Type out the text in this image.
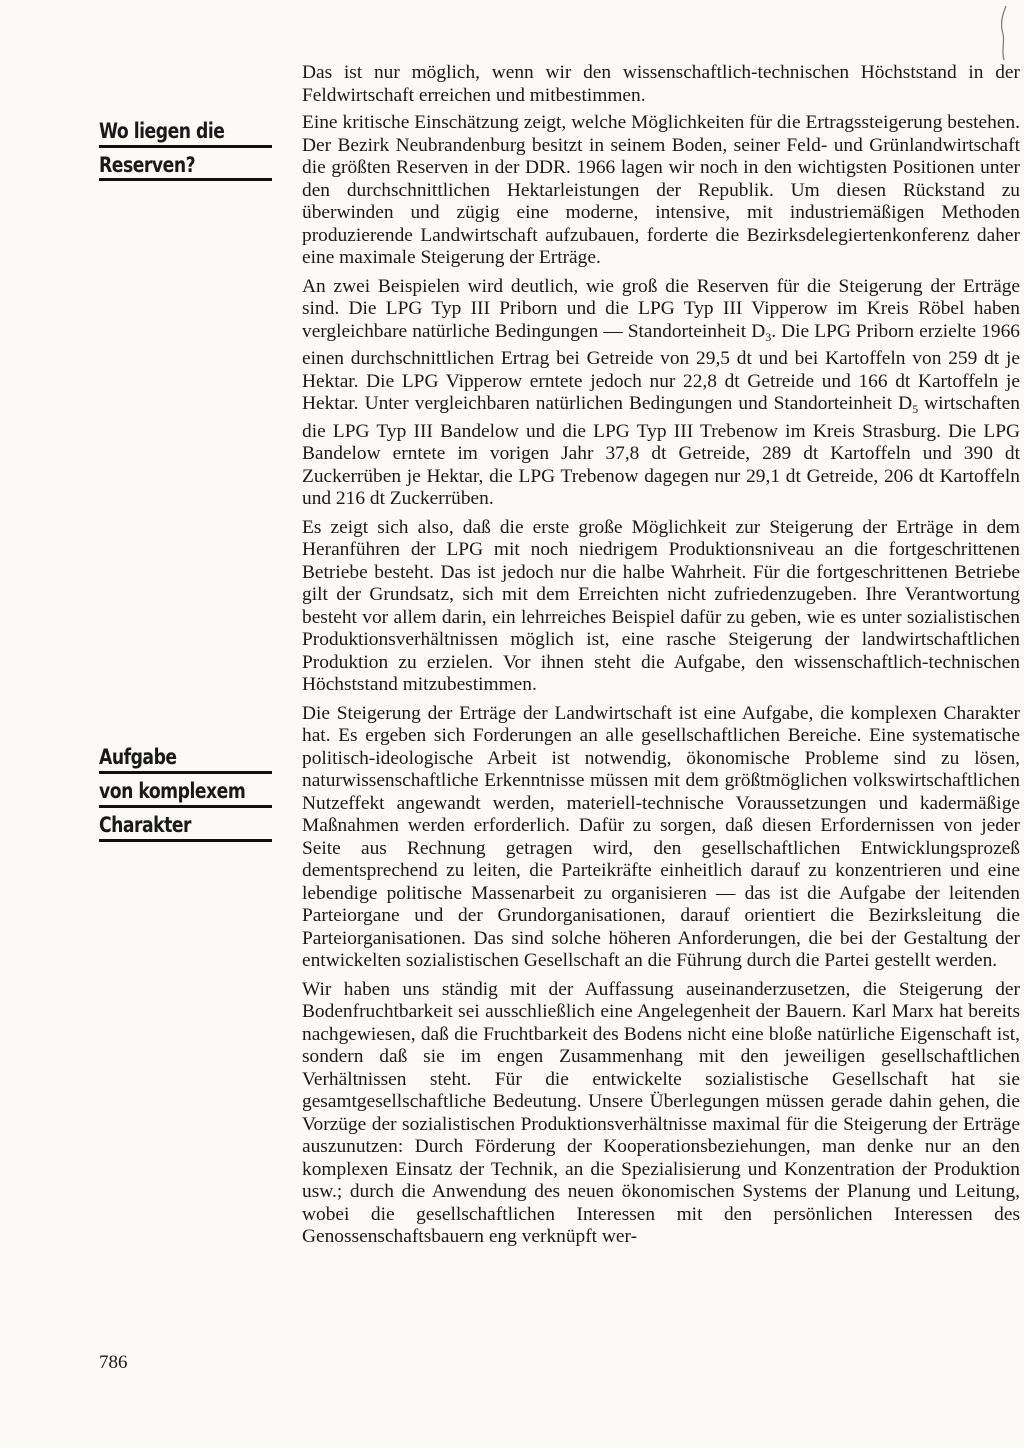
Wo liegen die
Reserven?
Aufgabe
von komplexem
Charakter

Das ist nur möglich, wenn wir den wissenschaftlich-technischen Höchststand in der Feldwirtschaft erreichen und mitbestimmen.

Eine kritische Einschätzung zeigt, welche Möglichkeiten für die Ertragssteigerung bestehen. Der Bezirk Neubrandenburg besitzt in seinem Boden, seiner Feld- und Grünlandwirtschaft die größten Reserven in der DDR. 1966 lagen wir noch in den wichtigsten Positionen unter den durchschnittlichen Hektarleistungen der Republik. Um diesen Rückstand zu überwinden und zügig eine moderne, intensive, mit industriemäßigen Methoden produzierende Landwirtschaft aufzubauen, forderte die Bezirksdelegiertenkonferenz daher eine maximale Steigerung der Erträge.

An zwei Beispielen wird deutlich, wie groß die Reserven für die Steigerung der Erträge sind. Die LPG Typ III Priborn und die LPG Typ III Vipperow im Kreis Röbel haben vergleichbare natürliche Bedingungen — Standorteinheit $D_3$. Die LPG Priborn erzielte 1966 einen durchschnittlichen Ertrag bei Getreide von 29,5 dt und bei Kartoffeln von 259 dt je Hektar. Die LPG Vipperow erntete jedoch nur 22,8 dt Getreide und 166 dt Kartoffeln je Hektar. Unter vergleichbaren natürlichen Bedingungen und Standorteinheit $D_5$ wirtschaften die LPG Typ III Bandelow und die LPG Typ III Trebenow im Kreis Strasburg. Die LPG Bandelow erntete im vorigen Jahr 37,8 dt Getreide, 289 dt Kartoffeln und 390 dt Zuckerrüben je Hektar, die LPG Trebenow dagegen nur 29,1 dt Getreide, 206 dt Kartoffeln und 216 dt Zuckerrüben.

Es zeigt sich also, daß die erste große Möglichkeit zur Steigerung der Erträge in dem Heranführen der LPG mit noch niedrigem Produktionsniveau an die fortgeschrittenen Betriebe besteht. Das ist jedoch nur die halbe Wahrheit. Für die fortgeschrittenen Betriebe gilt der Grundsatz, sich mit dem Erreichten nicht zufriedenzugeben. Ihre Verantwortung besteht vor allem darin, ein lehrreiches Beispiel dafür zu geben, wie es unter sozialistischen Produktionsverhältnissen möglich ist, eine rasche Steigerung der landwirtschaftlichen Produktion zu erzielen. Vor ihnen steht die Aufgabe, den wissenschaftlich-technischen Höchststand mitzubestimmen.

Die Steigerung der Erträge der Landwirtschaft ist eine Aufgabe, die komplexen Charakter hat. Es ergeben sich Forderungen an alle gesellschaftlichen Bereiche. Eine systematische politisch-ideologische Arbeit ist notwendig, ökonomische Probleme sind zu lösen, naturwissenschaftliche Erkenntnisse müssen mit dem größtmöglichen volkswirtschaftlichen Nutzeffekt angewandt werden, materiell-technische Voraussetzungen und kadermäßige Maßnahmen werden erforderlich. Dafür zu sorgen, daß diesen Erfordernissen von jeder Seite aus Rechnung getragen wird, den gesellschaftlichen Entwicklungsprozeß dementsprechend zu leiten, die Parteikräfte einheitlich darauf zu konzentrieren und eine lebendige politische Massenarbeit zu organisieren — das ist die Aufgabe der leitenden Parteiorgane und der Grundorganisationen, darauf orientiert die Bezirksleitung die Parteiorganisationen. Das sind solche höheren Anforderungen, die bei der Gestaltung der entwickelten sozialistischen Gesellschaft an die Führung durch die Partei gestellt werden.

Wir haben uns ständig mit der Auffassung auseinanderzusetzen, die Steigerung der Bodenfruchtbarkeit sei ausschließlich eine Angelegenheit der Bauern. Karl Marx hat bereits nachgewiesen, daß die Fruchtbarkeit des Bodens nicht eine bloße natürliche Eigenschaft ist, sondern daß sie im engen Zusammenhang mit den jeweiligen gesellschaftlichen Verhältnissen steht. Für die entwickelte sozialistische Gesellschaft hat sie gesamtgesellschaftliche Bedeutung. Unsere Überlegungen müssen gerade dahin gehen, die Vorzüge der sozialistischen Produktionsverhältnisse maximal für die Steigerung der Erträge auszunutzen: Durch Förderung der Kooperationsbeziehungen, man denke nur an den komplexen Einsatz der Technik, an die Spezialisierung und Konzentration der Produktion usw.; durch die Anwendung des neuen ökonomischen Systems der Planung und Leitung, wobei die gesellschaftlichen Interessen mit den persönlichen Interessen des Genossenschaftsbauern eng verknüpft wer-

786
